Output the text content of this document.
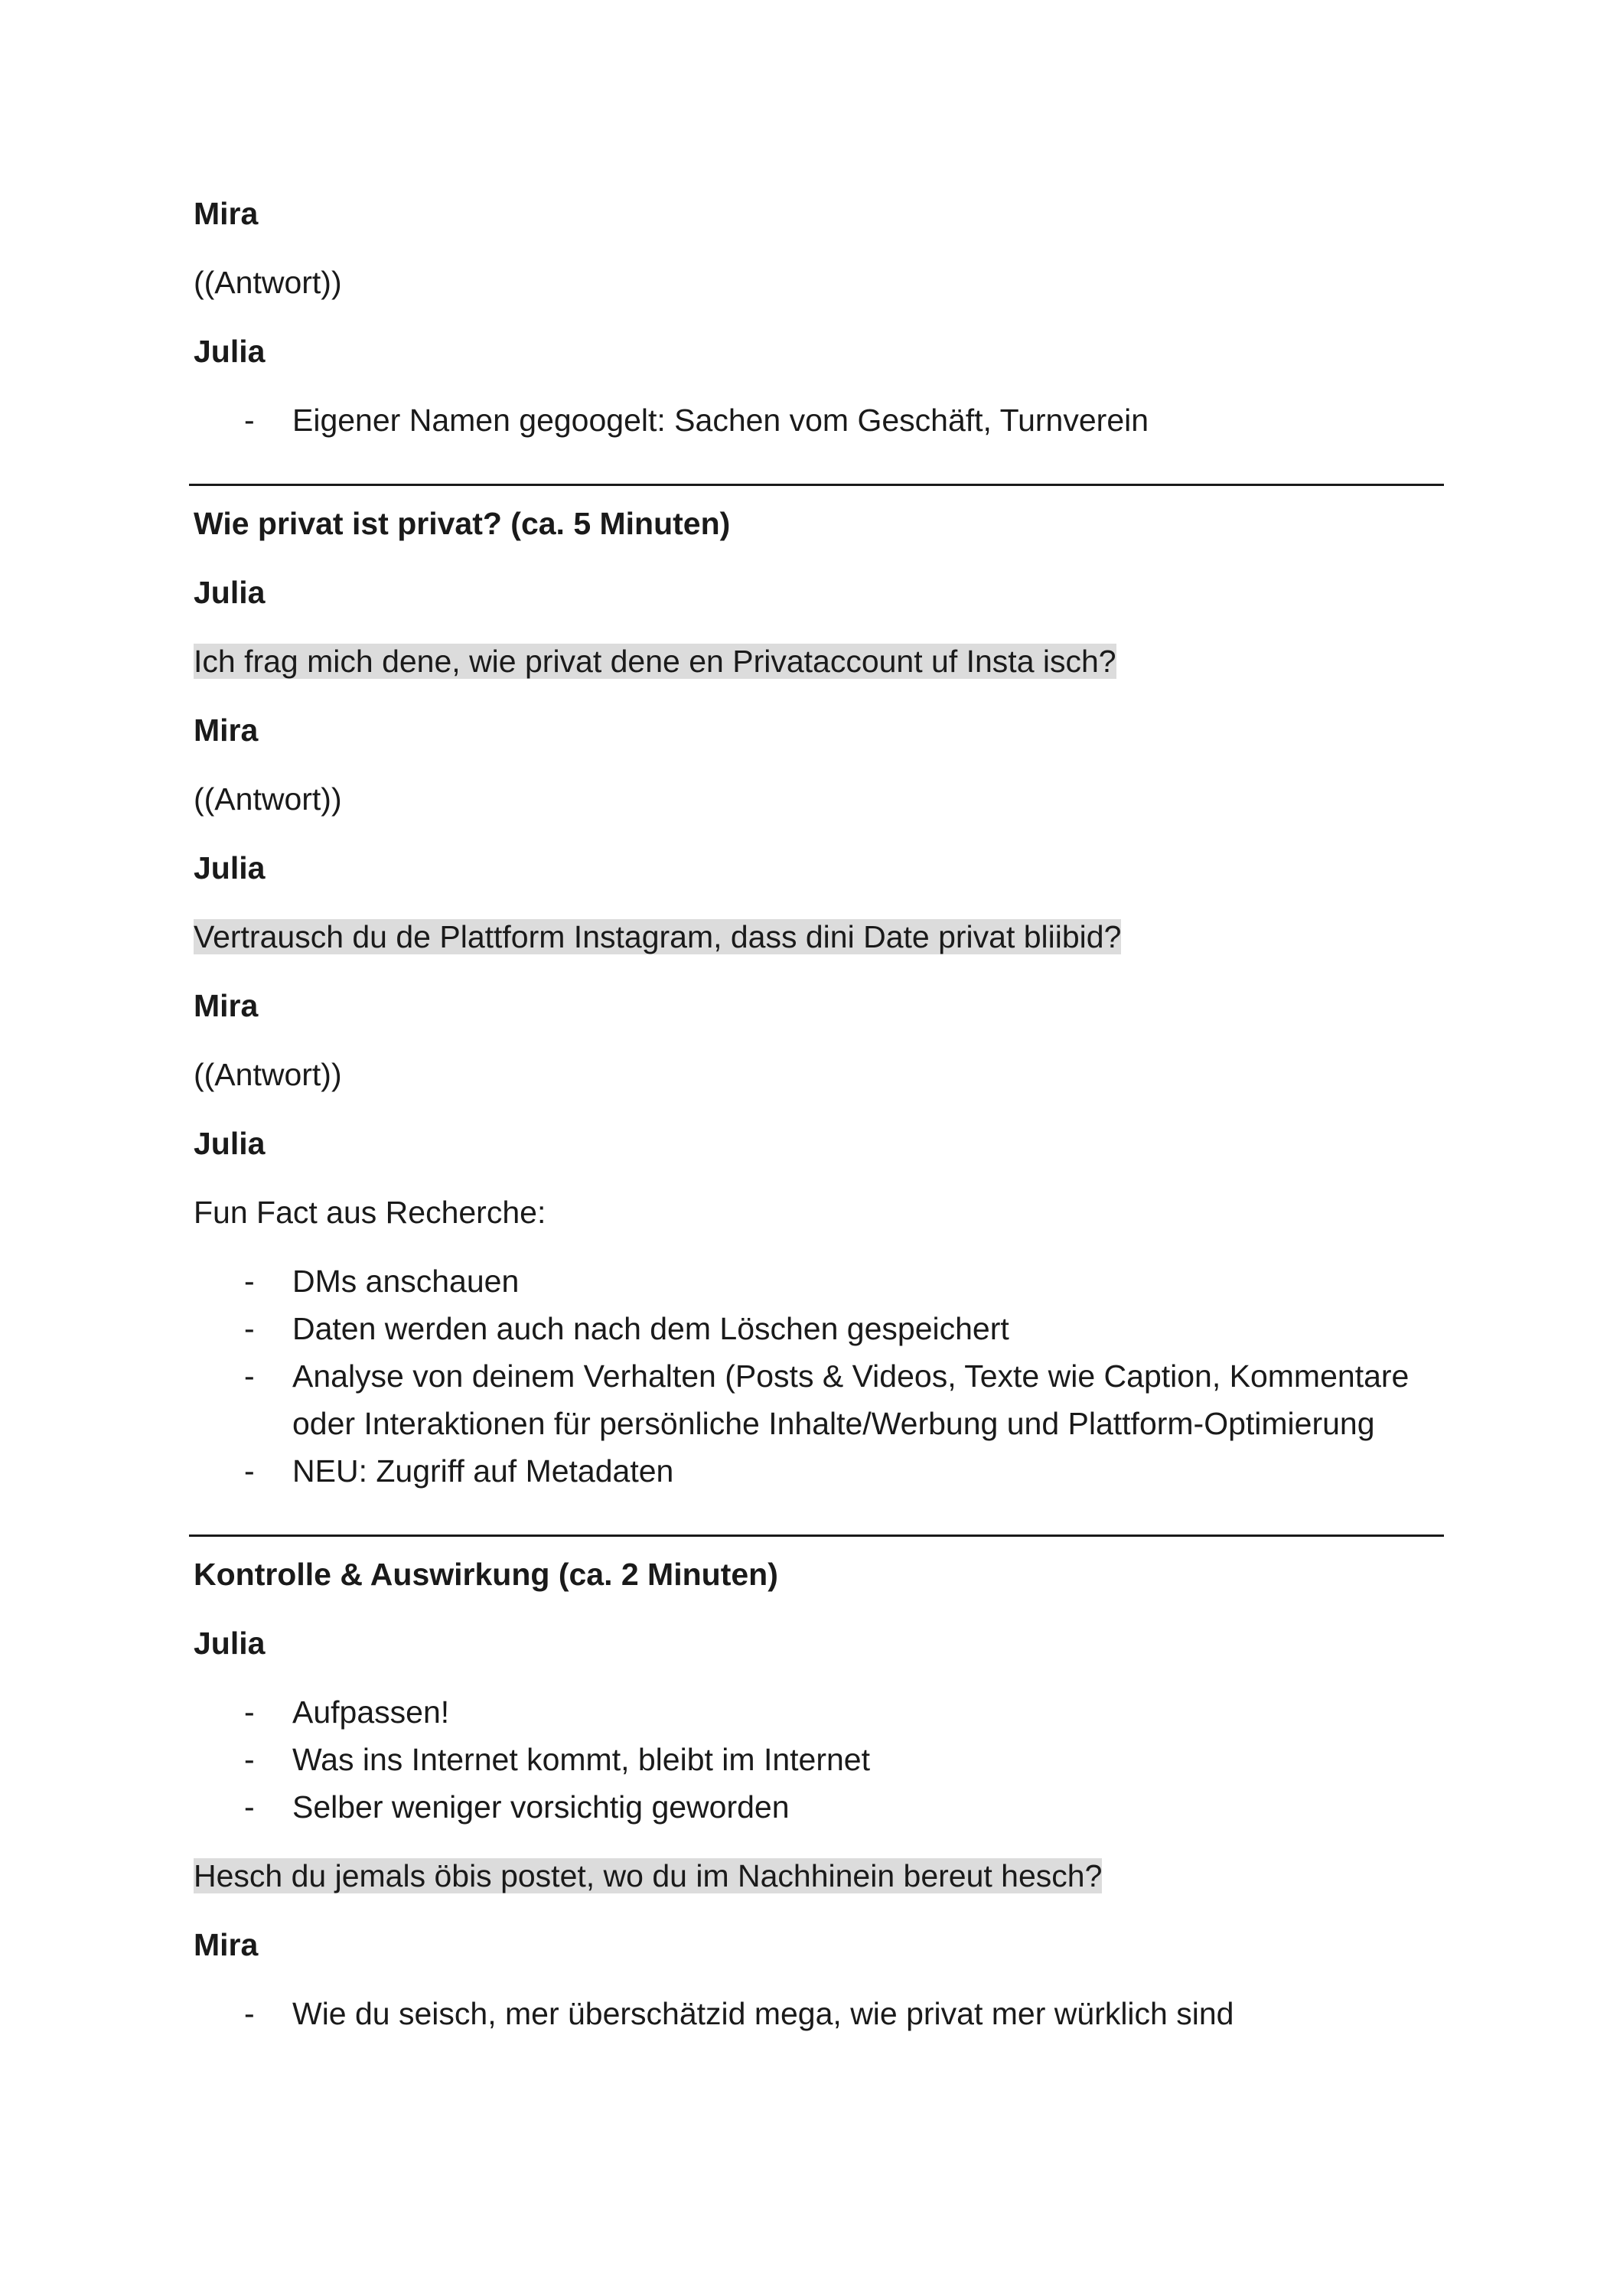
Mira

((Antwort))

Julia

- Eigener Namen gegoogelt: Sachen vom Geschäft, Turnverein

Wie privat ist privat? (ca. 5 Minuten)

Julia

Ich frag mich dene, wie privat dene en Privataccount uf Insta isch?

Mira

((Antwort))

Julia

Vertrausch du de Plattform Instagram, dass dini Date privat bliibid?

Mira

((Antwort))

Julia

Fun Fact aus Recherche:

- DMs anschauen
- Daten werden auch nach dem Löschen gespeichert
- Analyse von deinem Verhalten (Posts & Videos, Texte wie Caption, Kommentare oder Interaktionen für persönliche Inhalte/Werbung und Plattform-Optimierung
- NEU: Zugriff auf Metadaten

Kontrolle & Auswirkung (ca. 2 Minuten)

Julia

- Aufpassen!
- Was ins Internet kommt, bleibt im Internet
- Selber weniger vorsichtig geworden

Hesch du jemals öbis postet, wo du im Nachhinein bereut hesch?

Mira

- Wie du seisch, mer überschätzid mega, wie privat mer würklich sind
